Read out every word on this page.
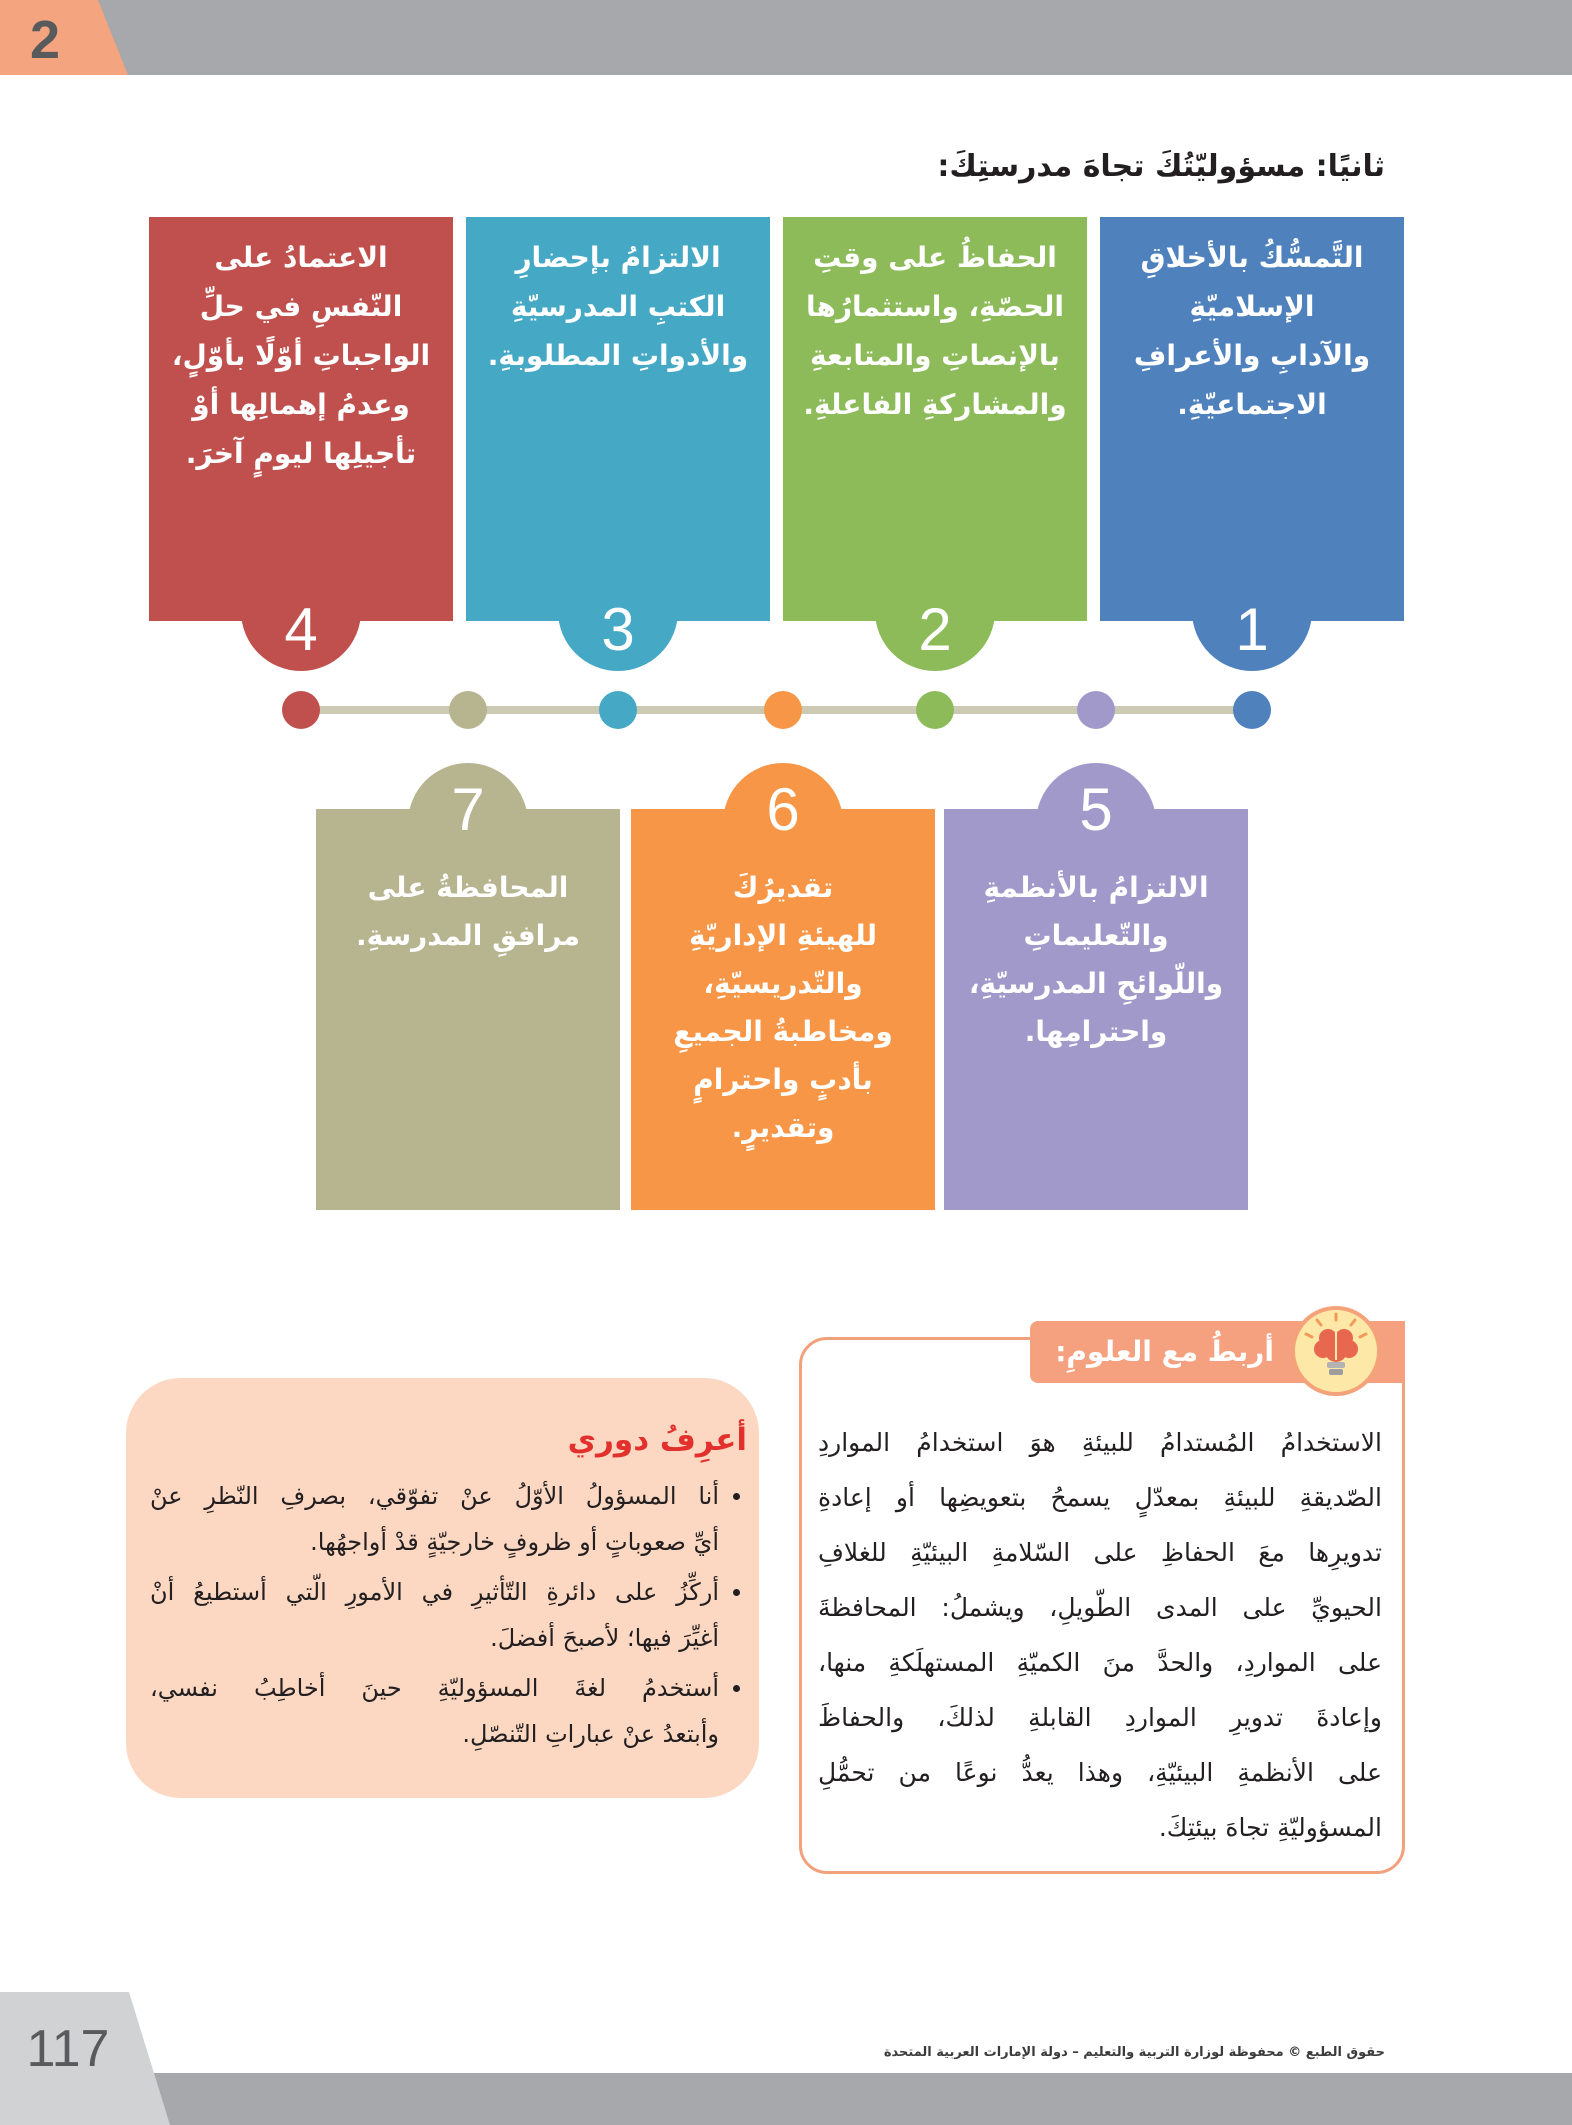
2
ثانيًا: مسؤوليّتُكَ تجاهَ مدرستِكَ:
التَّمسُّكُ بالأخلاقِ
الإسلاميّةِ
والآدابِ والأعرافِ
الاجتماعيّةِ.
1
الحفاظُ على وقتِ
الحصّةِ، واستثمارُها
بالإنصاتِ والمتابعةِ
والمشاركةِ الفاعلةِ.
2
الالتزامُ بإحضارِ
الكتبِ المدرسيّةِ
والأدواتِ المطلوبةِ.
3
الاعتمادُ على
النّفسِ في حلِّ
الواجباتِ أوّلًا بأوّلٍ،
وعدمُ إهمالِها أوْ
تأجيلِها ليومٍ آخرَ.
4
الالتزامُ بالأنظمةِ
والتّعليماتِ
واللّوائحِ المدرسيّةِ،
واحترامِها.
5
تقديرُكَ
للهيئةِ الإداريّةِ
والتّدريسيّةِ،
ومخاطبةُ الجميعِ
بأدبٍ واحترامٍ
وتقديرٍ.
6
المحافظةُ على
مرافقِ المدرسةِ.
7
أعرِفُ دوري
أنا المسؤولُ الأوّلُ عنْ تفوّقي، بصرفِ النّظرِ عنْ
أيِّ صعوباتٍ أو ظروفٍ خارجيّةٍ قدْ أواجهُها.
أركِّزُ على دائرةِ التّأثيرِ في الأمورِ الّتي أستطيعُ أنْ
أغيِّرَ فيها؛ لأصبحَ أفضلَ.
أستخدمُ لغةَ المسؤوليّةِ حينَ أخاطِبُ نفسي،
وأبتعدُ عنْ عباراتِ التّنصّلِ.
الاستخدامُ المُستدامُ للبيئةِ هوَ استخدامُ المواردِ
الصّديقةِ للبيئةِ بمعدّلٍ يسمحُ بتعويضِها أو إعادةِ
تدويرِها معَ الحفاظِ على السّلامةِ البيئيّةِ للغلافِ
الحيويِّ على المدى الطّويلِ، ويشملُ: المحافظةَ
على المواردِ، والحدَّ منَ الكميّةِ المستهلَكةِ منها،
وإعادةَ تدويرِ المواردِ القابلةِ لذلكَ، والحفاظَ
على الأنظمةِ البيئيّةِ، وهذا يعدُّ نوعًا من تحمُّلِ
المسؤوليّةِ تجاهَ بيئتِكَ.
أربطُ مع العلومِ:
117	حقوق الطبع © محفوظة لوزارة التربية والتعليم – دولة الإمارات العربية المتحدة
